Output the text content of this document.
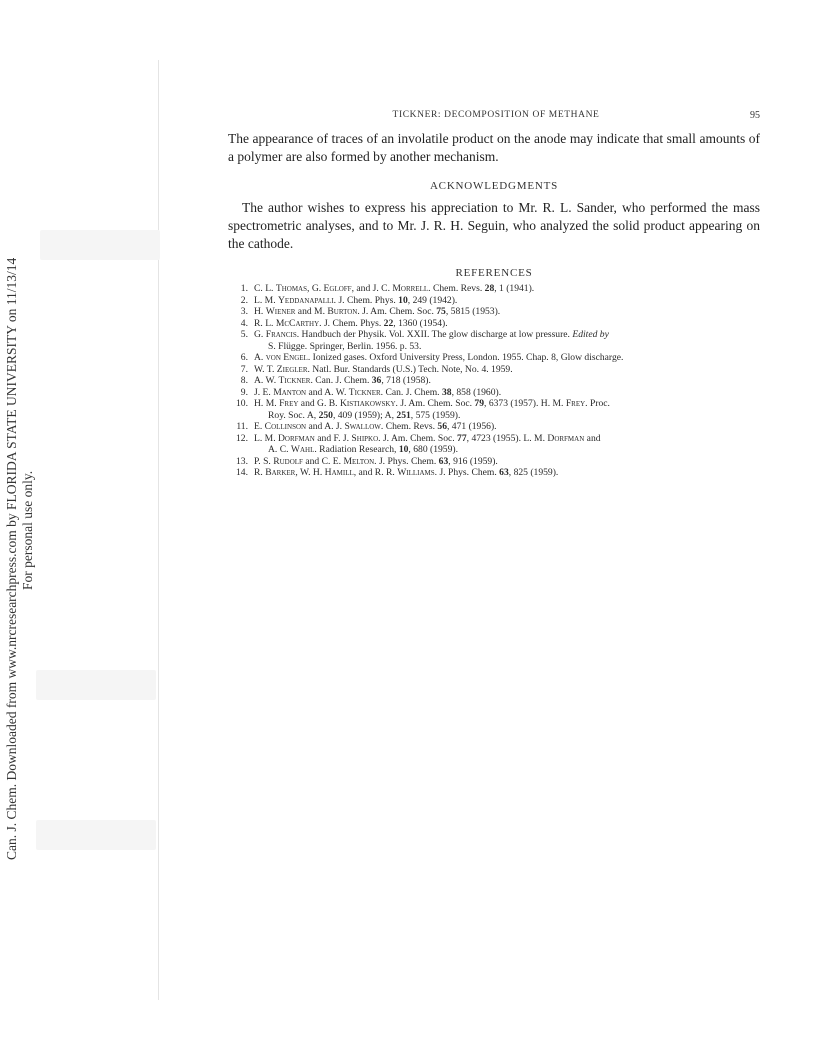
Can. J. Chem. Downloaded from www.nrcresearchpress.com by FLORIDA STATE UNIVERSITY on 11/13/14 For personal use only.
TICKNER: DECOMPOSITION OF METHANE	95

The appearance of traces of an involatile product on the anode may indicate that small amounts of a polymer are also formed by another mechanism.

ACKNOWLEDGMENTS

The author wishes to express his appreciation to Mr. R. L. Sander, who performed the mass spectrometric analyses, and to Mr. J. R. H. Seguin, who analyzed the solid product appearing on the cathode.

REFERENCES
1. C. L. Thomas, G. Egloff, and J. C. Morrell. Chem. Revs. 28, 1 (1941).
2. L. M. Yeddanapalli. J. Chem. Phys. 10, 249 (1942).
3. H. Wiener and M. Burton. J. Am. Chem. Soc. 75, 5815 (1953).
4. R. L. McCarthy. J. Chem. Phys. 22, 1360 (1954).
5. G. Francis. Handbuch der Physik. Vol. XXII. The glow discharge at low pressure. Edited by
S. Flügge. Springer, Berlin. 1956. p. 53.
6. A. von Engel. Ionized gases. Oxford University Press, London. 1955. Chap. 8, Glow discharge.
7. W. T. Ziegler. Natl. Bur. Standards (U.S.) Tech. Note, No. 4. 1959.
8. A. W. Tickner. Can. J. Chem. 36, 718 (1958).
9. J. E. Manton and A. W. Tickner. Can. J. Chem. 38, 858 (1960).
10. H. M. Frey and G. B. Kistiakowsky. J. Am. Chem. Soc. 79, 6373 (1957). H. M. Frey. Proc.
Roy. Soc. A, 250, 409 (1959); A, 251, 575 (1959).
11. E. Collinson and A. J. Swallow. Chem. Revs. 56, 471 (1956).
12. L. M. Dorfman and F. J. Shipko. J. Am. Chem. Soc. 77, 4723 (1955). L. M. Dorfman and
A. C. Wahl. Radiation Research, 10, 680 (1959).
13. P. S. Rudolf and C. E. Melton. J. Phys. Chem. 63, 916 (1959).
14. R. Barker, W. H. Hamill, and R. R. Williams. J. Phys. Chem. 63, 825 (1959).
